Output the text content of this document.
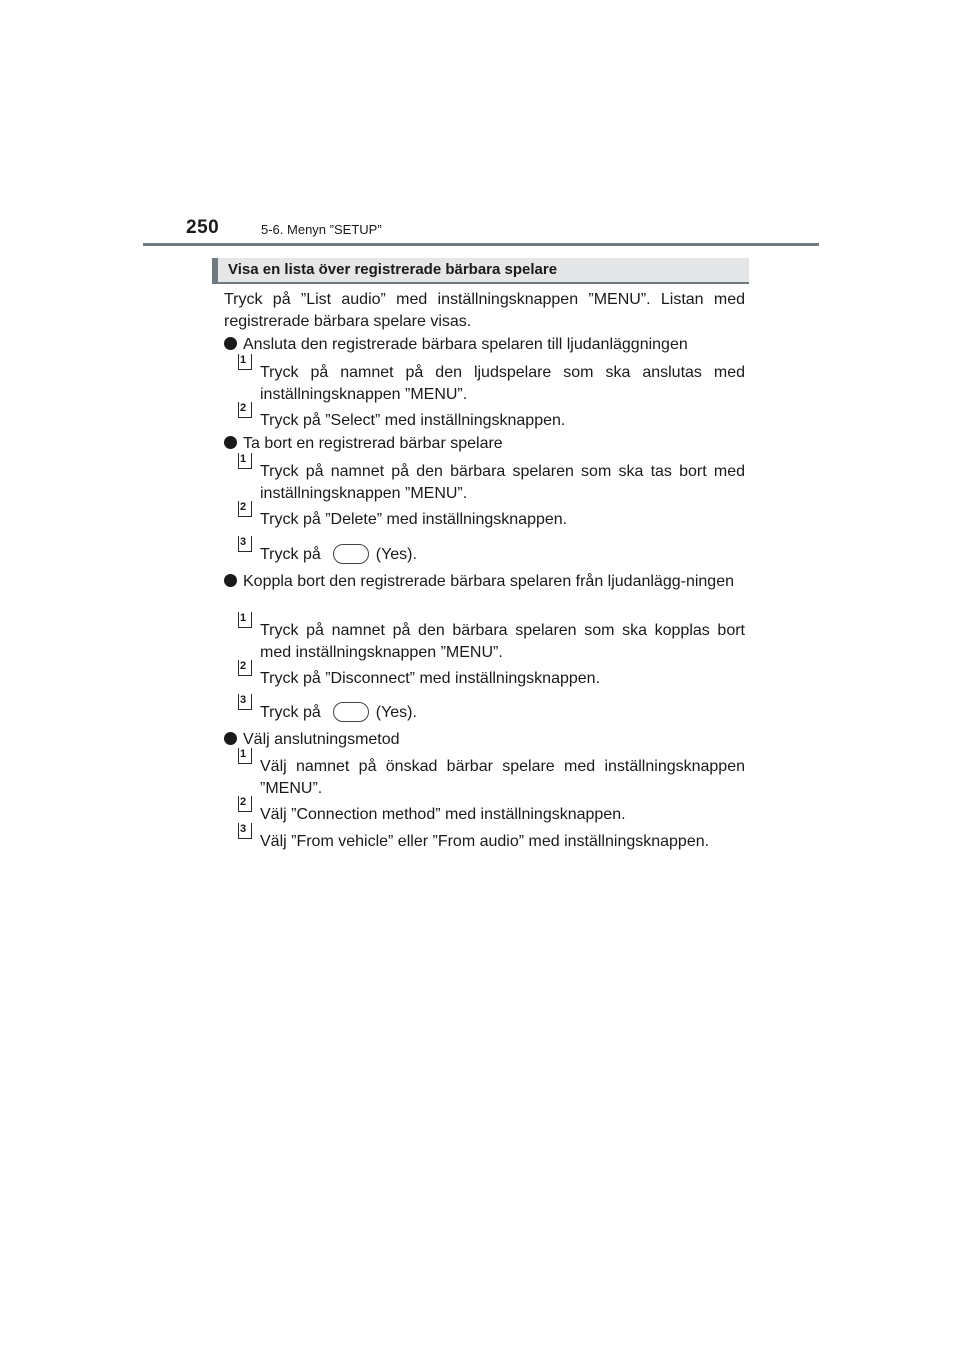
250	5-6. Menyn ”SETUP”
Visa en lista över registrerade bärbara spelare
Tryck på ”List audio” med inställningsknappen ”MENU”. Listan med registrerade bärbara spelare visas.
Ansluta den registrerade bärbara spelaren till ljudanläggningen
1
Tryck på namnet på den ljudspelare som ska anslutas med inställningsknappen ”MENU”.
2
Tryck på ”Select” med inställningsknappen.
Ta bort en registrerad bärbar spelare
1
Tryck på namnet på den bärbara spelaren som ska tas bort med inställningsknappen ”MENU”.
2
Tryck på ”Delete” med inställningsknappen.
3
Tryck på	(Yes).
Koppla bort den registrerade bärbara spelaren från ljudanlägg-ningen
1
Tryck på namnet på den bärbara spelaren som ska kopplas bort med inställningsknappen ”MENU”.
2
Tryck på ”Disconnect” med inställningsknappen.
3
Tryck på	(Yes).
Välj anslutningsmetod
1
Välj namnet på önskad bärbar spelare med inställningsknappen ”MENU”.
2
Välj ”Connection method” med inställningsknappen.
3
Välj ”From vehicle” eller ”From audio” med inställningsknappen.
